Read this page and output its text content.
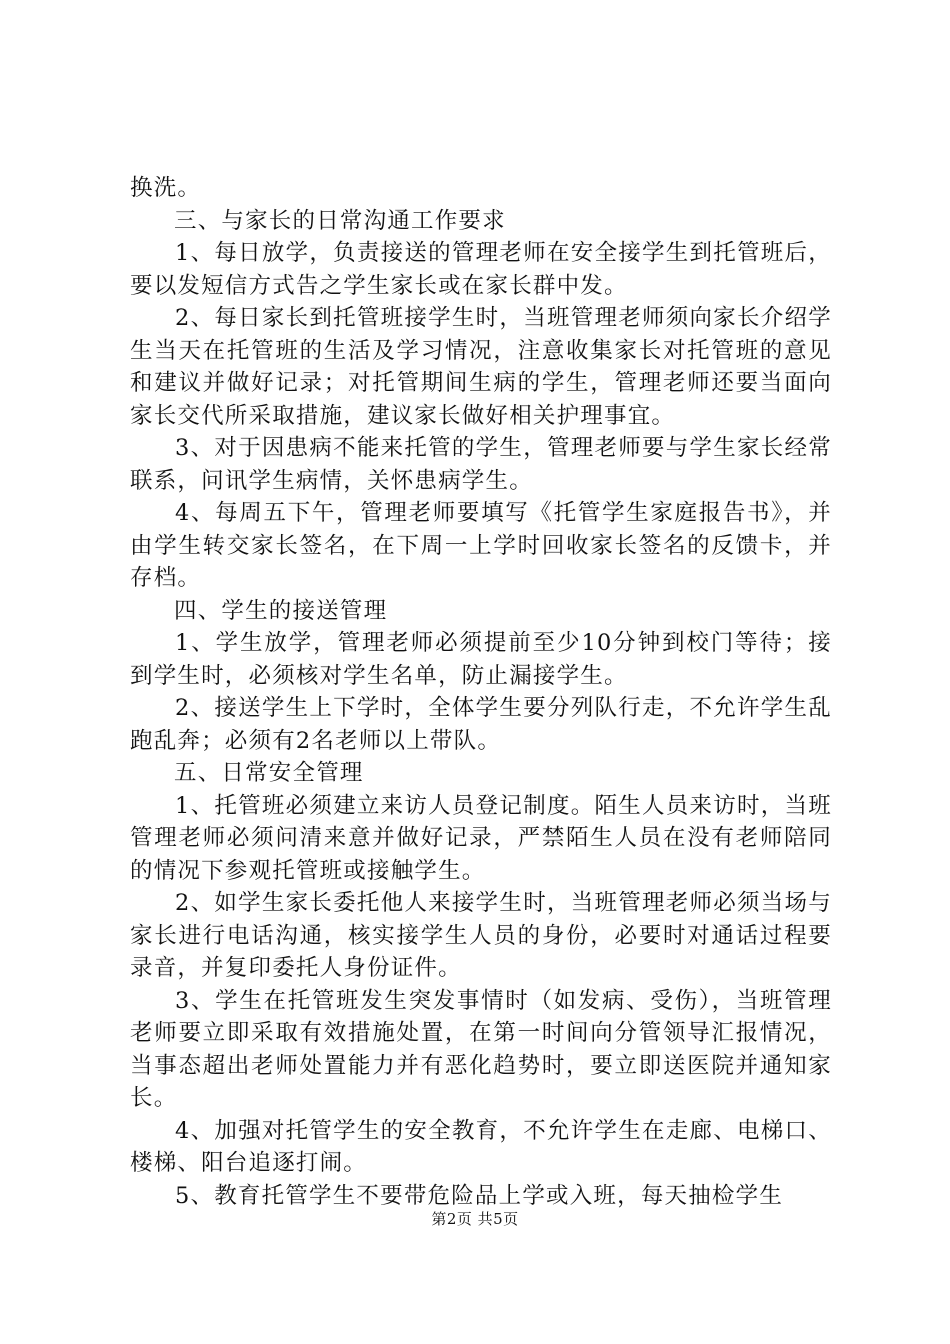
换洗。

三、与家长的日常沟通工作要求

1、每日放学，负责接送的管理老师在安全接学生到托管班后，要以发短信方式告之学生家长或在家长群中发。

2、每日家长到托管班接学生时，当班管理老师须向家长介绍学生当天在托管班的生活及学习情况，注意收集家长对托管班的意见和建议并做好记录；对托管期间生病的学生，管理老师还要当面向家长交代所采取措施，建议家长做好相关护理事宜。

3、对于因患病不能来托管的学生，管理老师要与学生家长经常联系，问讯学生病情，关怀患病学生。

4、每周五下午，管理老师要填写《托管学生家庭报告书》，并由学生转交家长签名，在下周一上学时回收家长签名的反馈卡，并存档。

四、学生的接送管理

1、学生放学，管理老师必须提前至少10分钟到校门等待；接到学生时，必须核对学生名单，防止漏接学生。

2、接送学生上下学时，全体学生要分列队行走，不允许学生乱跑乱奔；必须有2名老师以上带队。

五、日常安全管理

1、托管班必须建立来访人员登记制度。陌生人员来访时，当班管理老师必须问清来意并做好记录，严禁陌生人员在没有老师陪同的情况下参观托管班或接触学生。

2、如学生家长委托他人来接学生时，当班管理老师必须当场与家长进行电话沟通，核实接学生人员的身份，必要时对通话过程要录音，并复印委托人身份证件。

3、学生在托管班发生突发事情时（如发病、受伤），当班管理老师要立即采取有效措施处置，在第一时间向分管领导汇报情况，当事态超出老师处置能力并有恶化趋势时，要立即送医院并通知家长。

4、加强对托管学生的安全教育，不允许学生在走廊、电梯口、楼梯、阳台追逐打闹。

5、教育托管学生不要带危险品上学或入班，每天抽检学生

第2页 共5页
